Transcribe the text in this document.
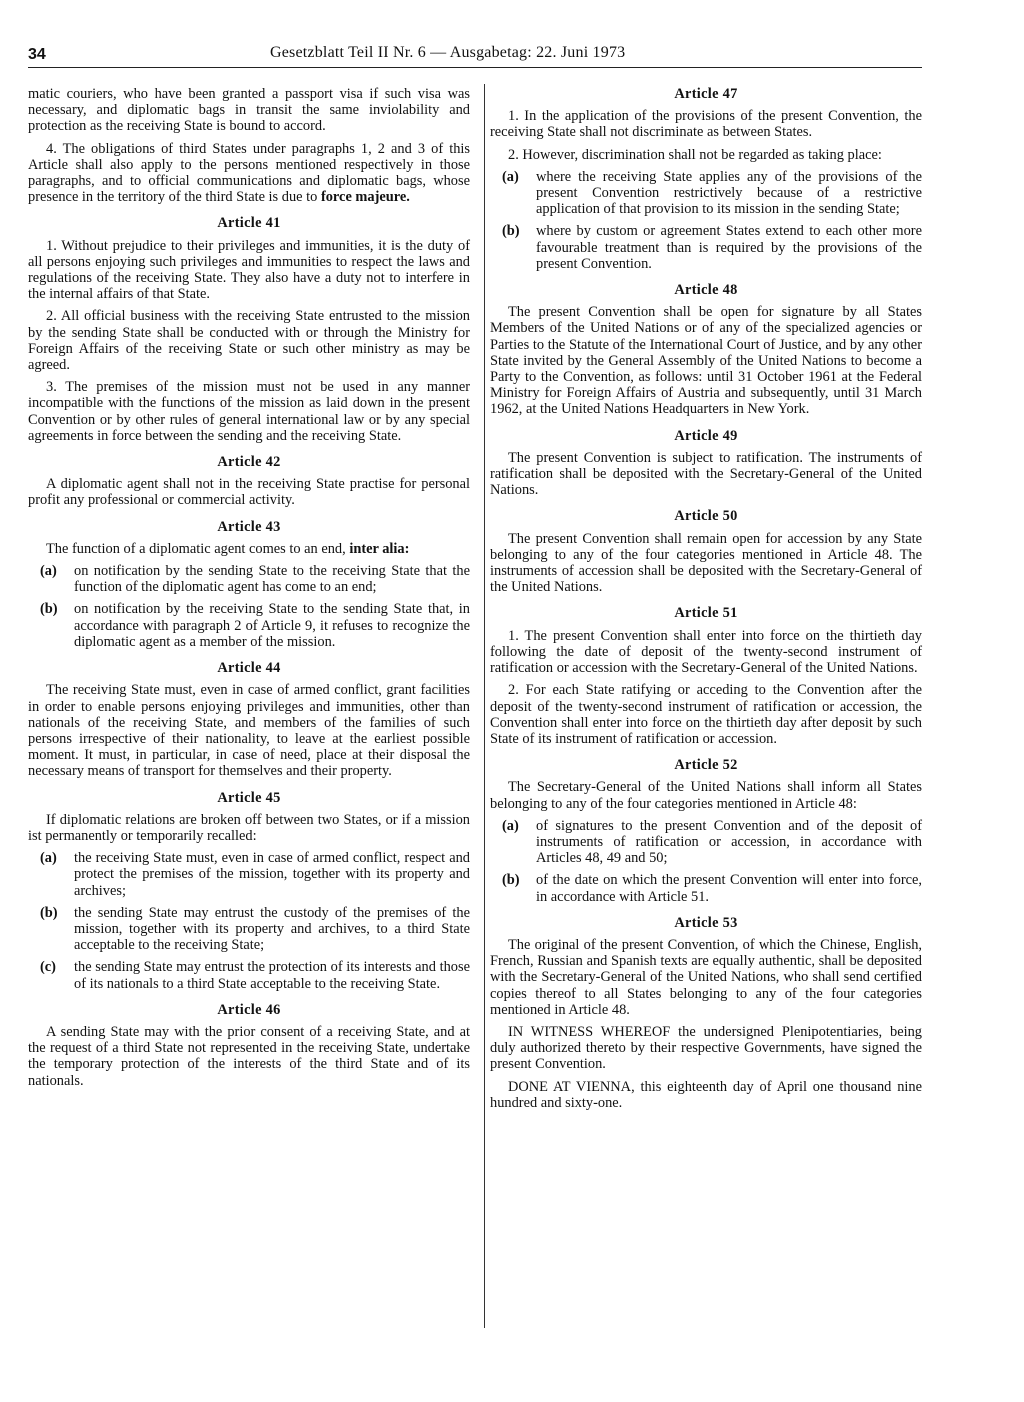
34	Gesetzblatt Teil II Nr. 6 — Ausgabetag: 22. Juni 1973

matic couriers, who have been granted a passport visa if such visa was necessary, and diplomatic bags in transit the same inviolability and protection as the receiving State is bound to accord.

4. The obligations of third States under paragraphs 1, 2 and 3 of this Article shall also apply to the persons mentioned respectively in those paragraphs, and to official communications and diplomatic bags, whose presence in the territory of the third State is due to force majeure.

Article 41

1. Without prejudice to their privileges and immunities, it is the duty of all persons enjoying such privileges and immunities to respect the laws and regulations of the receiving State. They also have a duty not to interfere in the internal affairs of that State.

2. All official business with the receiving State entrusted to the mission by the sending State shall be conducted with or through the Ministry for Foreign Affairs of the receiving State or such other ministry as may be agreed.

3. The premises of the mission must not be used in any manner incompatible with the functions of the mission as laid down in the present Convention or by other rules of general international law or by any special agreements in force between the sending and the receiving State.

Article 42

A diplomatic agent shall not in the receiving State practise for personal profit any professional or commercial activity.

Article 43

The function of a diplomatic agent comes to an end, inter alia:

(a)	on notification by the sending State to the receiving State that the function of the diplomatic agent has come to an end;
(b)	on notification by the receiving State to the sending State that, in accordance with paragraph 2 of Article 9, it refuses to recognize the diplomatic agent as a member of the mission.
Article 44

The receiving State must, even in case of armed conflict, grant facilities in order to enable persons enjoying privileges and immunities, other than nationals of the receiving State, and members of the families of such persons irrespective of their nationality, to leave at the earliest possible moment. It must, in particular, in case of need, place at their disposal the necessary means of transport for themselves and their property.

Article 45

If diplomatic relations are broken off between two States, or if a mission ist permanently or temporarily recalled:

(a)	the receiving State must, even in case of armed conflict, respect and protect the premises of the mission, together with its property and archives;
(b)	the sending State may entrust the custody of the premises of the mission, together with its property and archives, to a third State acceptable to the receiving State;
(c)	the sending State may entrust the protection of its interests and those of its nationals to a third State acceptable to the receiving State.
Article 46

A sending State may with the prior consent of a receiving State, and at the request of a third State not represented in the receiving State, undertake the temporary protection of the interests of the third State and of its nationals.

Article 47

1. In the application of the provisions of the present Convention, the receiving State shall not discriminate as between States.

2. However, discrimination shall not be regarded as taking place:

(a)	where the receiving State applies any of the provisions of the present Convention restrictively because of a restrictive application of that provision to its mission in the sending State;
(b)	where by custom or agreement States extend to each other more favourable treatment than is required by the provisions of the present Convention.
Article 48

The present Convention shall be open for signature by all States Members of the United Nations or of any of the specialized agencies or Parties to the Statute of the International Court of Justice, and by any other State invited by the General Assembly of the United Nations to become a Party to the Convention, as follows: until 31 October 1961 at the Federal Ministry for Foreign Affairs of Austria and subsequently, until 31 March 1962, at the United Nations Headquarters in New York.

Article 49

The present Convention is subject to ratification. The instruments of ratification shall be deposited with the Secretary-General of the United Nations.

Article 50

The present Convention shall remain open for accession by any State belonging to any of the four categories mentioned in Article 48. The instruments of accession shall be deposited with the Secretary-General of the United Nations.

Article 51

1. The present Convention shall enter into force on the thirtieth day following the date of deposit of the twenty-second instrument of ratification or accession with the Secretary-General of the United Nations.

2. For each State ratifying or acceding to the Convention after the deposit of the twenty-second instrument of ratification or accession, the Convention shall enter into force on the thirtieth day after deposit by such State of its instrument of ratification or accession.

Article 52

The Secretary-General of the United Nations shall inform all States belonging to any of the four categories mentioned in Article 48:

(a)	of signatures to the present Convention and of the deposit of instruments of ratification or accession, in accordance with Articles 48, 49 and 50;
(b)	of the date on which the present Convention will enter into force, in accordance with Article 51.
Article 53

The original of the present Convention, of which the Chinese, English, French, Russian and Spanish texts are equally authentic, shall be deposited with the Secretary-General of the United Nations, who shall send certified copies thereof to all States belonging to any of the four categories mentioned in Article 48.

IN WITNESS WHEREOF the undersigned Plenipotentiaries, being duly authorized thereto by their respective Governments, have signed the present Convention.

DONE AT VIENNA, this eighteenth day of April one thousand nine hundred and sixty-one.
